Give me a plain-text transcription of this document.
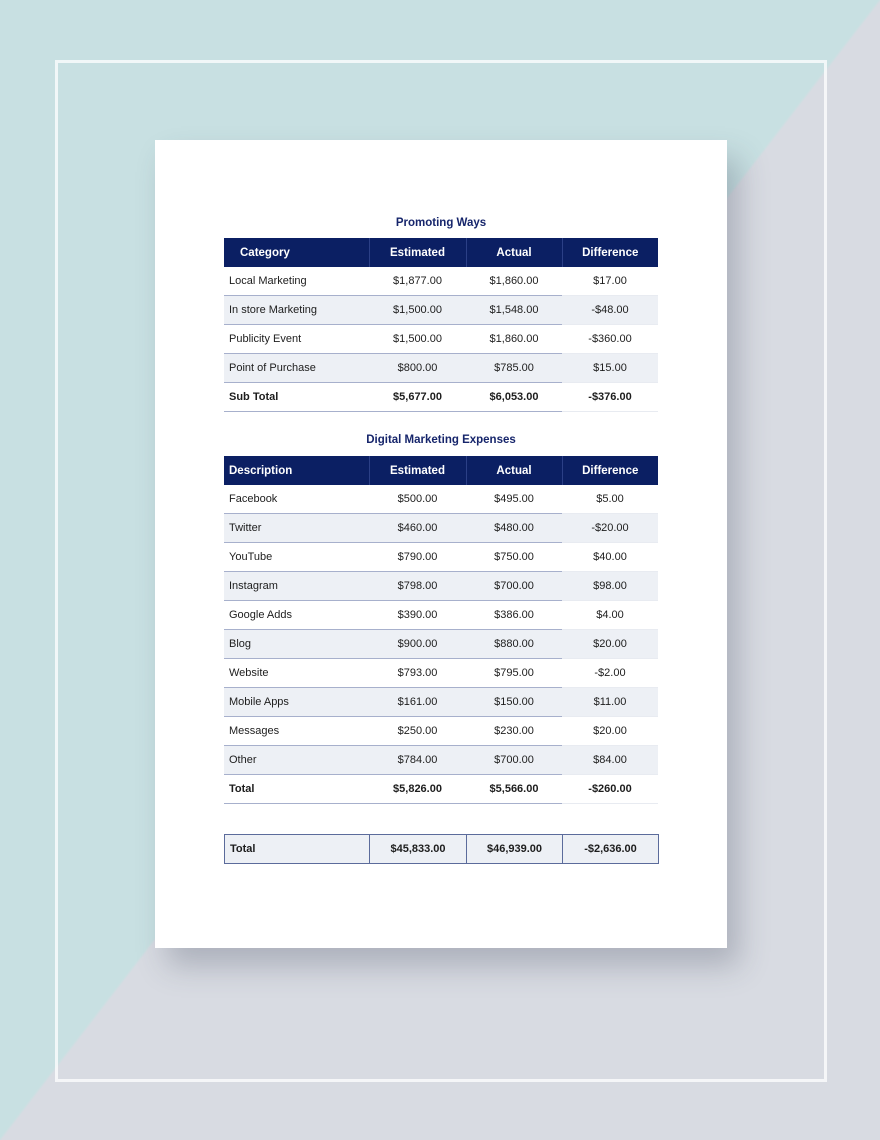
Promoting Ways
Category	Estimated	Actual	Difference
Local Marketing	$1,877.00	$1,860.00	$17.00
In store Marketing	$1,500.00	$1,548.00	-$48.00
Publicity Event	$1,500.00	$1,860.00	-$360.00
Point of Purchase	$800.00	$785.00	$15.00
Sub Total	$5,677.00	$6,053.00	-$376.00
Digital Marketing Expenses
Description	Estimated	Actual	Difference
Facebook	$500.00	$495.00	$5.00
Twitter	$460.00	$480.00	-$20.00
YouTube	$790.00	$750.00	$40.00
Instagram	$798.00	$700.00	$98.00
Google Adds	$390.00	$386.00	$4.00
Blog	$900.00	$880.00	$20.00
Website	$793.00	$795.00	-$2.00
Mobile Apps	$161.00	$150.00	$11.00
Messages	$250.00	$230.00	$20.00
Other	$784.00	$700.00	$84.00
Total	$5,826.00	$5,566.00	-$260.00
Total	$45,833.00	$46,939.00	-$2,636.00
